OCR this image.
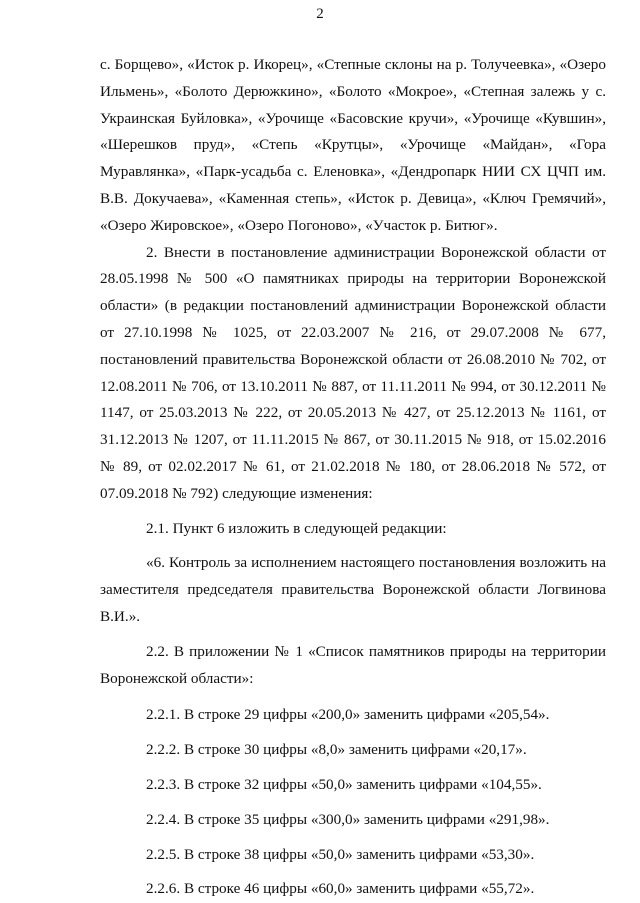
2

с. Борщево», «Исток р. Икорец», «Степные склоны на р. Толучеевка», «Озеро Ильмень», «Болото Дерюжкино», «Болото «Мокрое», «Степная залежь у с. Украинская Буйловка», «Урочище «Басовские кручи», «Урочище «Кувшин», «Шерешков пруд», «Степь «Крутцы», «Урочище «Майдан», «Гора Муравлянка», «Парк-усадьба с. Еленовка», «Дендропарк НИИ СХ ЦЧП им. В.В. Докучаева», «Каменная степь», «Исток р. Девица», «Ключ Гремячий», «Озеро Жировское», «Озеро Погоново», «Участок р. Битюг».

2. Внести в постановление администрации Воронежской области от 28.05.1998 № 500 «О памятниках природы на территории Воронежской области» (в редакции постановлений администрации Воронежской области от 27.10.1998 № 1025, от 22.03.2007 № 216, от 29.07.2008 № 677, постановлений правительства Воронежской области от 26.08.2010 № 702, от 12.08.2011 № 706, от 13.10.2011 № 887, от 11.11.2011 № 994, от 30.12.2011 № 1147, от 25.03.2013 № 222, от 20.05.2013 № 427, от 25.12.2013 № 1161, от 31.12.2013 № 1207, от 11.11.2015 № 867, от 30.11.2015 № 918, от 15.02.2016 № 89, от 02.02.2017 № 61, от 21.02.2018 № 180, от 28.06.2018 № 572, от 07.09.2018 № 792) следующие изменения:

2.1. Пункт 6 изложить в следующей редакции:

«6. Контроль за исполнением настоящего постановления возложить на заместителя председателя правительства Воронежской области Логвинова В.И.».

2.2. В приложении № 1 «Список памятников природы на территории Воронежской области»:

2.2.1. В строке 29 цифры «200,0» заменить цифрами «205,54».

2.2.2. В строке 30 цифры «8,0» заменить цифрами «20,17».

2.2.3. В строке 32 цифры «50,0» заменить цифрами «104,55».

2.2.4. В строке 35 цифры «300,0» заменить цифрами «291,98».

2.2.5. В строке 38 цифры «50,0» заменить цифрами «53,30».

2.2.6. В строке 46 цифры «60,0» заменить цифрами «55,72».
